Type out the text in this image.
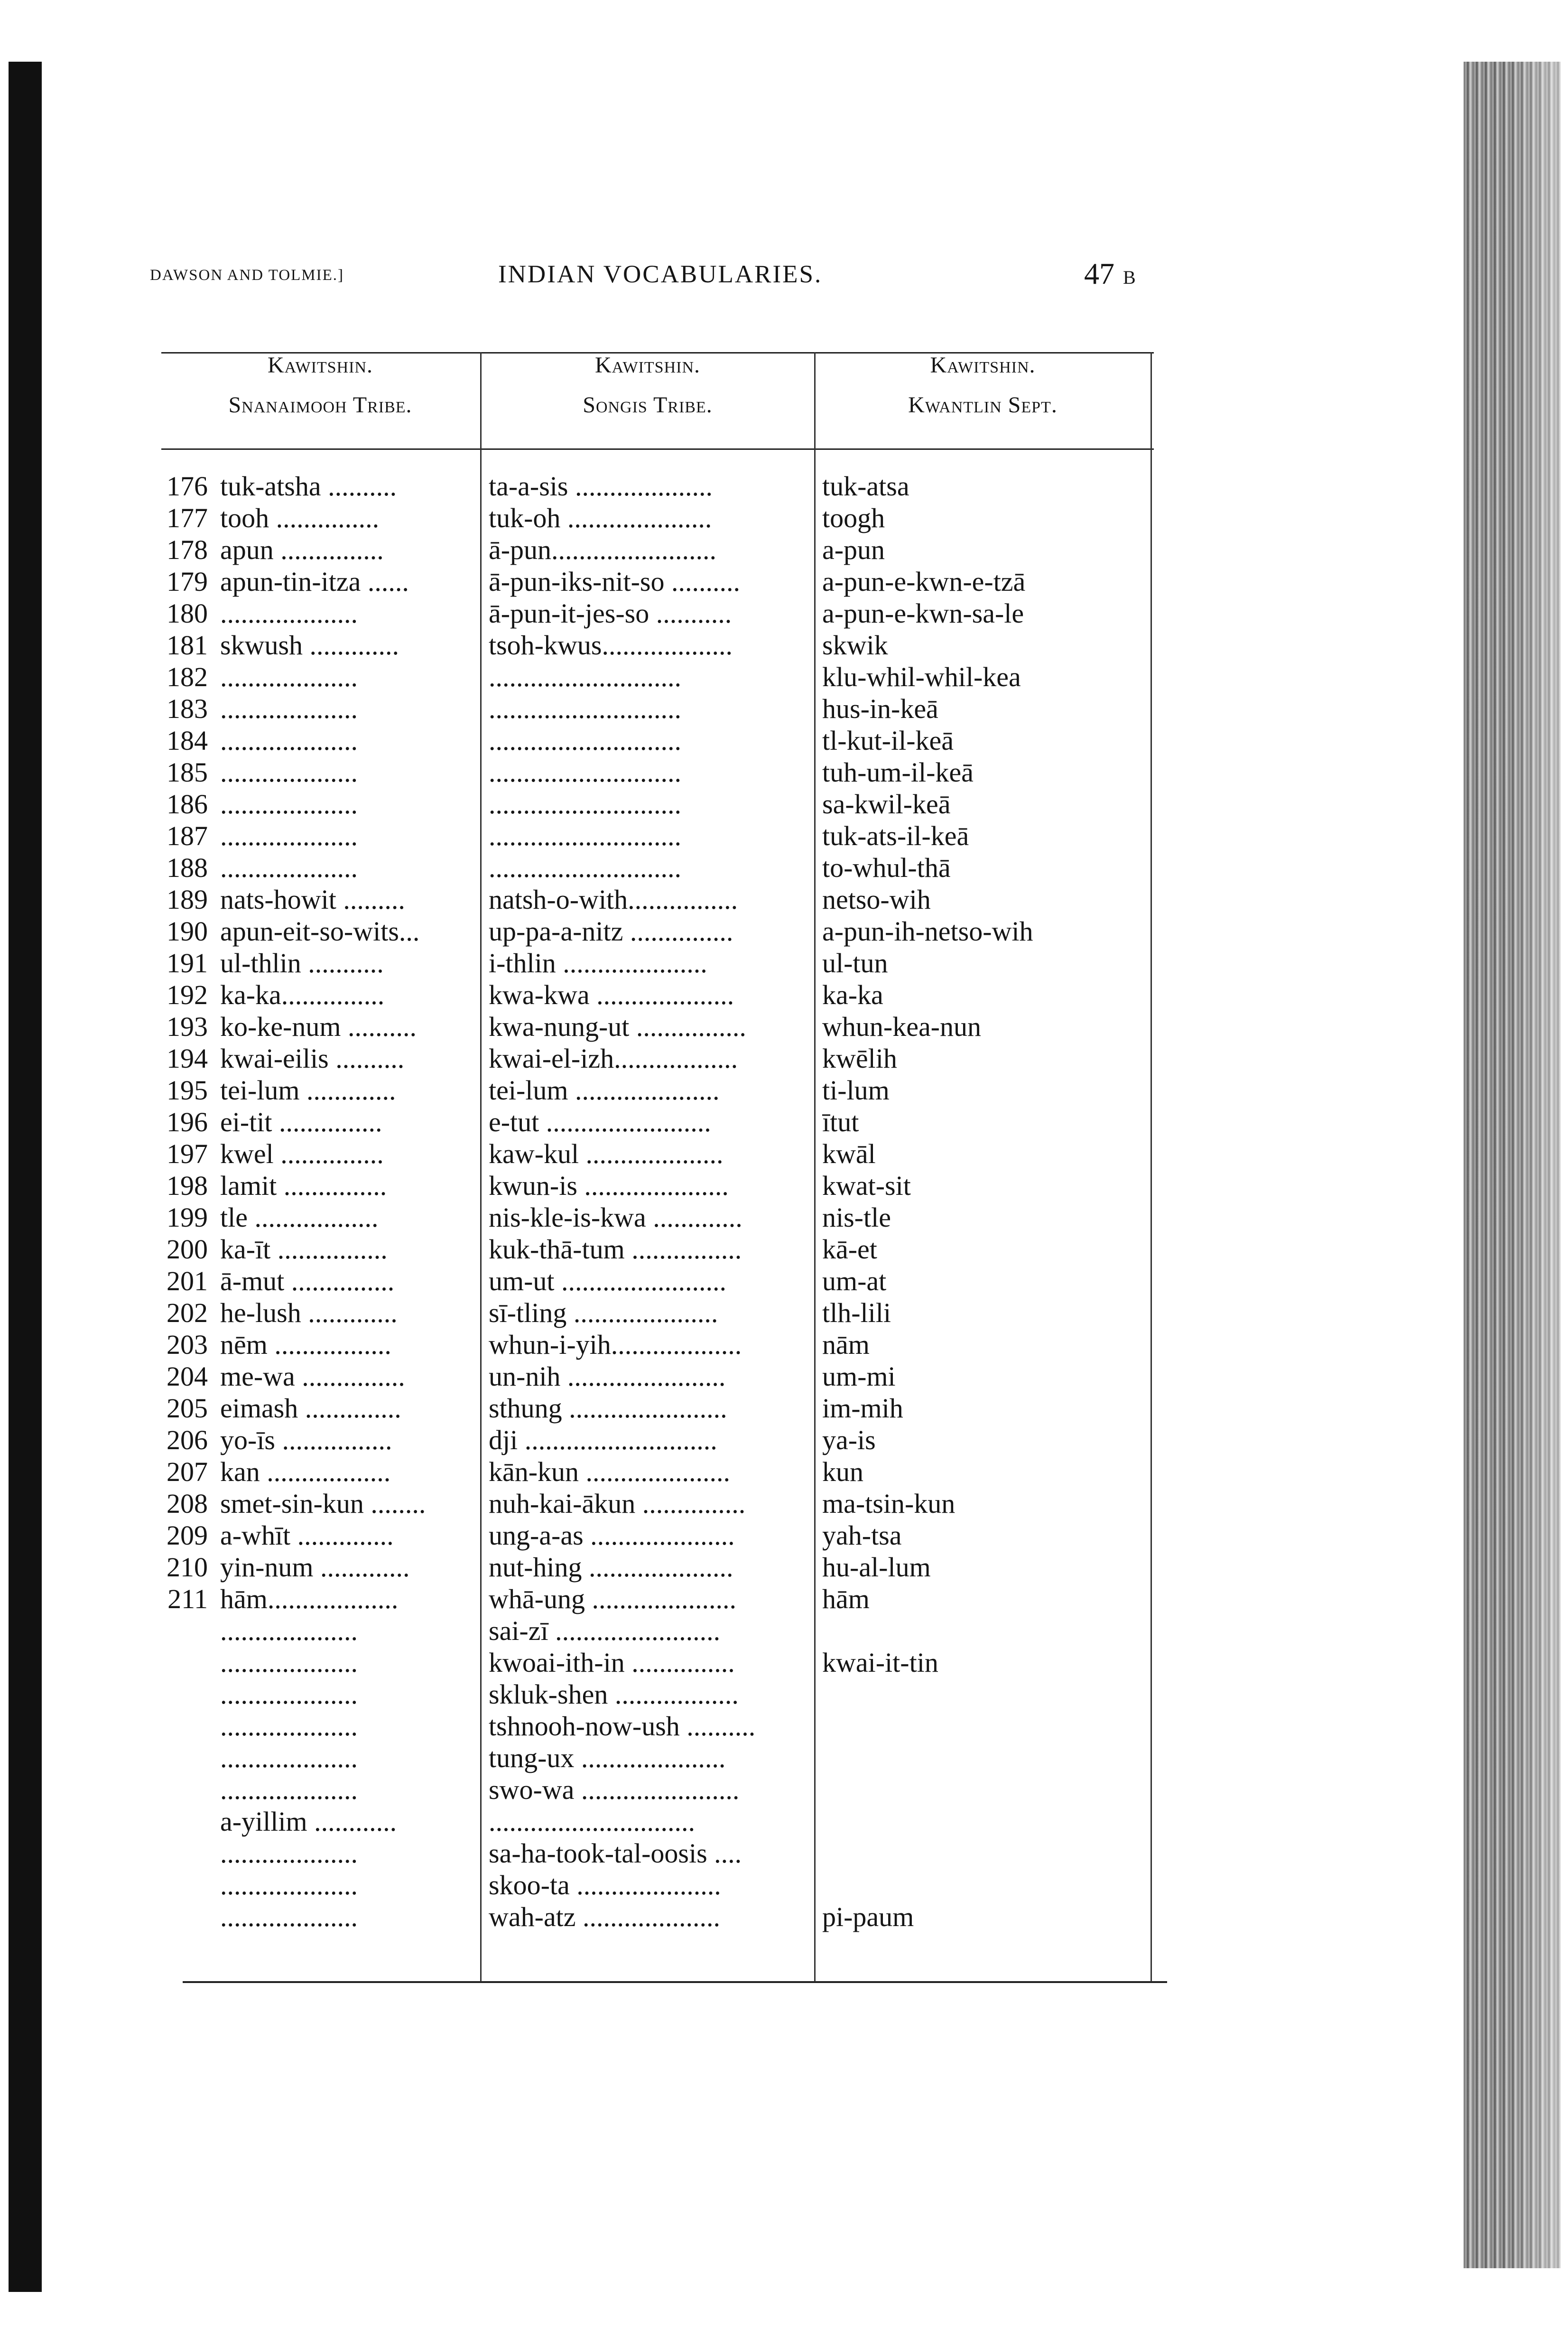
DAWSON AND TOLMIE.]	INDIAN VOCABULARIES.	47 B
Kawitshin.
Snanaimooh Tribe.
Kawitshin.
Songis Tribe.
Kawitshin.
Kwantlin Sept.
176 tuk-atsha ..........	ta-a-sis ....................	tuk-atsa
177 tooh ...............	tuk-oh .....................	toogh
178 apun ...............	ā-pun........................	a-pun
179 apun-tin-itza ......	ā-pun-iks-nit-so ..........	a-pun-e-kwn-e-tzā
180 ....................	ā-pun-it-jes-so ...........	a-pun-e-kwn-sa-le
181 skwush .............	tsoh-kwus...................	skwik
182 ....................	............................	klu-whil-whil-kea
183 ....................	............................	hus-in-keā
184 ....................	............................	tl-kut-il-keā
185 ....................	............................	tuh-um-il-keā
186 ....................	............................	sa-kwil-keā
187 ....................	............................	tuk-ats-il-keā
188 ....................	............................	to-whul-thā
189 nats-howit .........	natsh-o-with................	netso-wih
190 apun-eit-so-wits...	up-pa-a-nitz ...............	a-pun-ih-netso-wih
191 ul-thlin ...........	i-thlin .....................	ul-tun
192 ka-ka...............	kwa-kwa ....................	ka-ka
193 ko-ke-num ..........	kwa-nung-ut ................	whun-kea-nun
194 kwai-eilis ..........	kwai-el-izh..................	kwēlih
195 tei-lum .............	tei-lum .....................	ti-lum
196 ei-tit ...............	e-tut ........................	ītut
197 kwel ...............	kaw-kul ....................	kwāl
198 lamit ...............	kwun-is .....................	kwat-sit
199 tle ..................	nis-kle-is-kwa .............	nis-tle
200 ka-īt ................	kuk-thā-tum ................	kā-et
201 ā-mut ...............	um-ut ........................	um-at
202 he-lush .............	sī-tling .....................	tlh-lili
203 nēm .................	whun-i-yih...................	nām
204 me-wa ...............	un-nih .......................	um-mi
205 eimash ..............	sthung .......................	im-mih
206 yo-īs ................	dji ............................	ya-is
207 kan ..................	kān-kun .....................	kun
208 smet-sin-kun ........	nuh-kai-ākun ...............	ma-tsin-kun
209 a-whīt ..............	ung-a-as .....................	yah-tsa
210 yin-num .............	nut-hing .....................	hu-al-lum
211 hām...................	whā-ung .....................	hām
....................	sai-zī ........................
....................	kwoai-ith-in ...............	kwai-it-tin
....................	skluk-shen ..................
....................	tshnooh-now-ush ..........
....................	tung-ux .....................
....................	swo-wa .......................
a-yillim ............	..............................
....................	sa-ha-took-tal-oosis ....
....................	skoo-ta .....................
....................	wah-atz ....................	pi-paum
